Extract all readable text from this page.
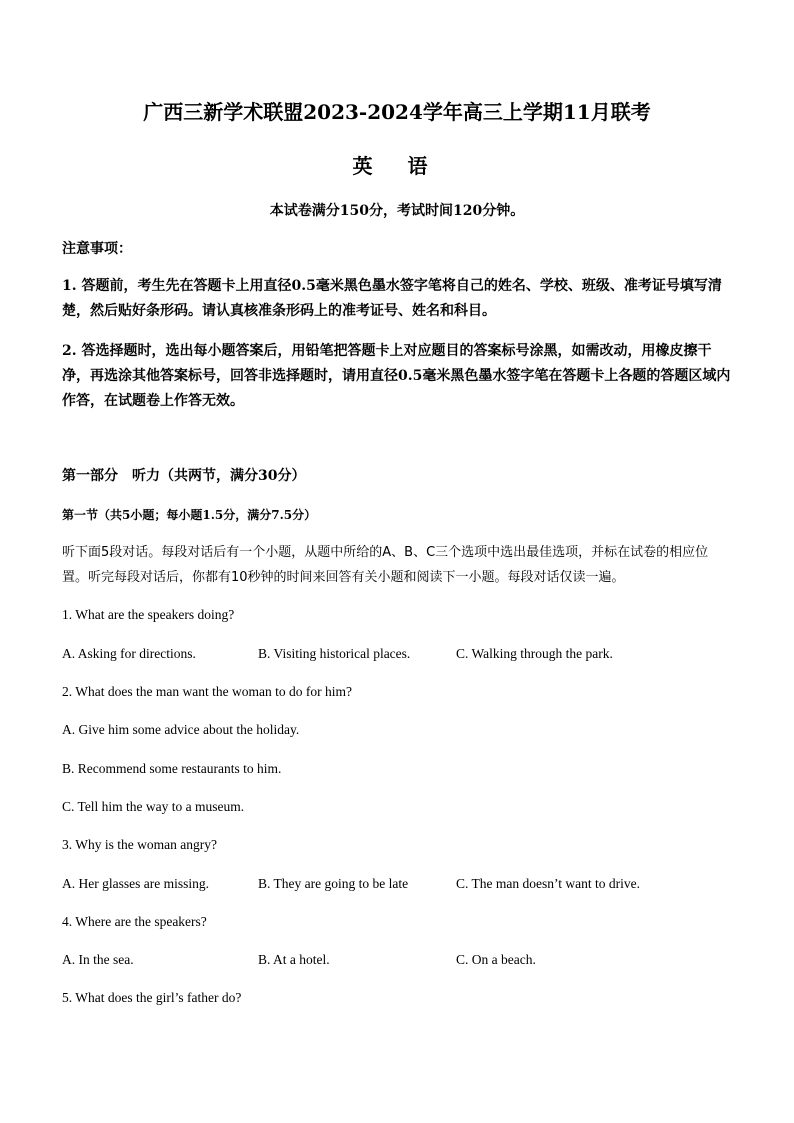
广西三新学术联盟2023-2024学年高三上学期11月联考
英 语
本试卷满分150分，考试时间120分钟。
注意事项：
1. 答题前，考生先在答题卡上用直径0.5毫米黑色墨水签字笔将自己的姓名、学校、班级、准考证号填写清楚，然后贴好条形码。请认真核准条形码上的准考证号、姓名和科目。
2. 答选择题时，选出每小题答案后，用铅笔把答题卡上对应题目的答案标号涂黑，如需改动，用橡皮擦干净，再选涂其他答案标号，回答非选择题时，请用直径0.5毫米黑色墨水签字笔在答题卡上各题的答题区域内作答，在试题卷上作答无效。
第一部分　听力（共两节，满分30分）
第一节（共5小题；每小题1.5分，满分7.5分）
听下面5段对话。每段对话后有一个小题，从题中所给的A、B、C三个选项中选出最佳选项，并标在试卷的相应位置。听完每段对话后，你都有10秒钟的时间来回答有关小题和阅读下一小题。每段对话仅读一遍。
1. What are the speakers doing?
A. Asking for directions.	B. Visiting historical places.	C. Walking through the park.
2. What does the man want the woman to do for him?
A. Give him some advice about the holiday.
B. Recommend some restaurants to him.
C. Tell him the way to a museum.
3. Why is the woman angry?
A. Her glasses are missing.	B. They are going to be late	C. The man doesn’t want to drive.
4. Where are the speakers?
A. In the sea.	B. At a hotel.	C. On a beach.
5. What does the girl’s father do?
